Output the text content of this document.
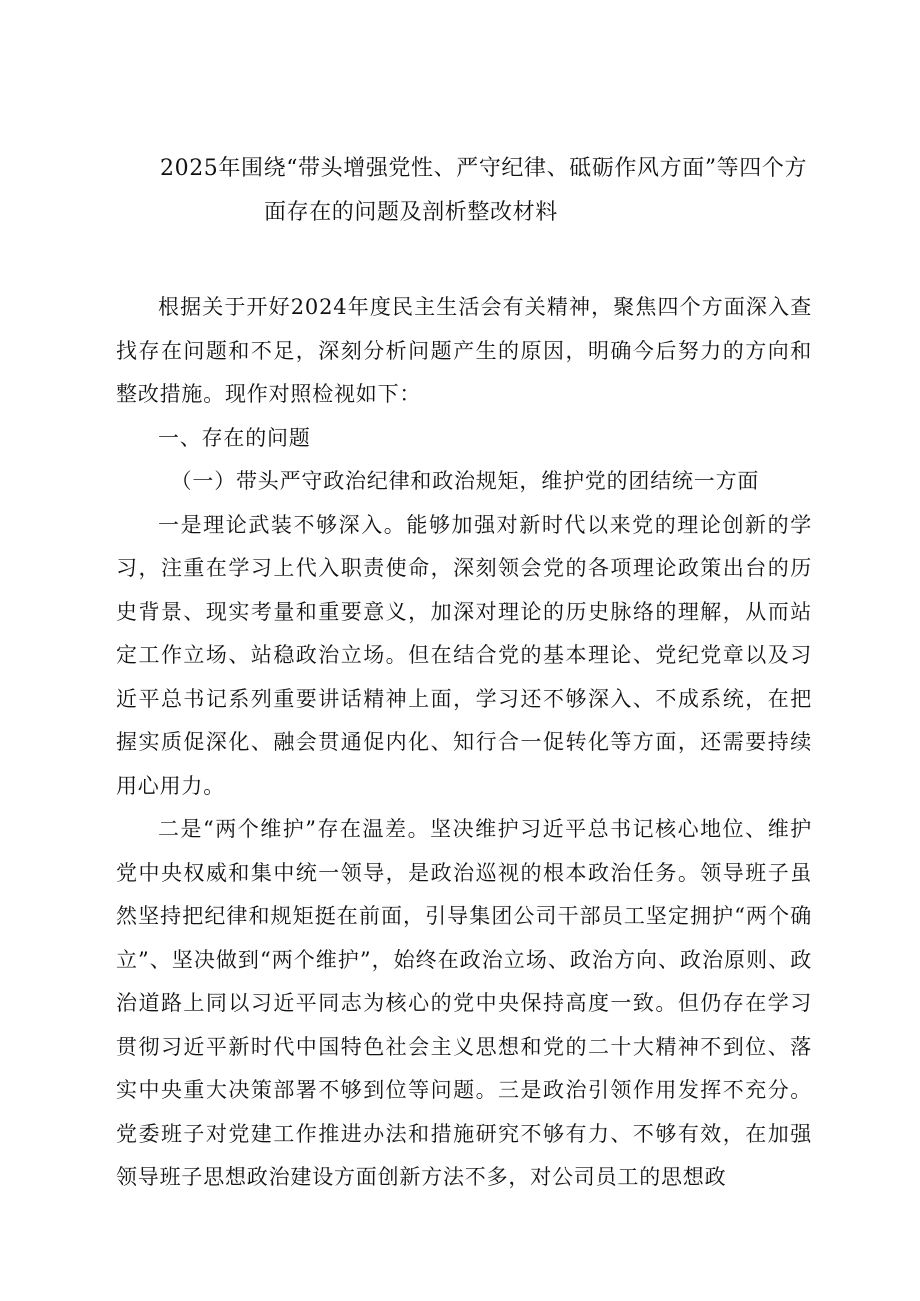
2025年围绕“带头增强党性、严守纪律、砥砺作风方面”等四个方
面存在的问题及剖析整改材料

根据关于开好2024年度民主生活会有关精神，聚焦四个方面深入查找存在问题和不足，深刻分析问题产生的原因，明确今后努力的方向和整改措施。现作对照检视如下：

一、存在的问题

（一）带头严守政治纪律和政治规矩，维护党的团结统一方面

一是理论武装不够深入。能够加强对新时代以来党的理论创新的学习，注重在学习上代入职责使命，深刻领会党的各项理论政策出台的历史背景、现实考量和重要意义，加深对理论的历史脉络的理解，从而站定工作立场、站稳政治立场。但在结合党的基本理论、党纪党章以及习近平总书记系列重要讲话精神上面，学习还不够深入、不成系统，在把握实质促深化、融会贯通促内化、知行合一促转化等方面，还需要持续用心用力。

二是“两个维护”存在温差。坚决维护习近平总书记核心地位、维护党中央权威和集中统一领导，是政治巡视的根本政治任务。领导班子虽然坚持把纪律和规矩挺在前面，引导集团公司干部员工坚定拥护“两个确立”、坚决做到“两个维护”，始终在政治立场、政治方向、政治原则、政治道路上同以习近平同志为核心的党中央保持高度一致。但仍存在学习贯彻习近平新时代中国特色社会主义思想和党的二十大精神不到位、落实中央重大决策部署不够到位等问题。三是政治引领作用发挥不充分。党委班子对党建工作推进办法和措施研究不够有力、不够有效，在加强领导班子思想政治建设方面创新方法不多，对公司员工的思想政
